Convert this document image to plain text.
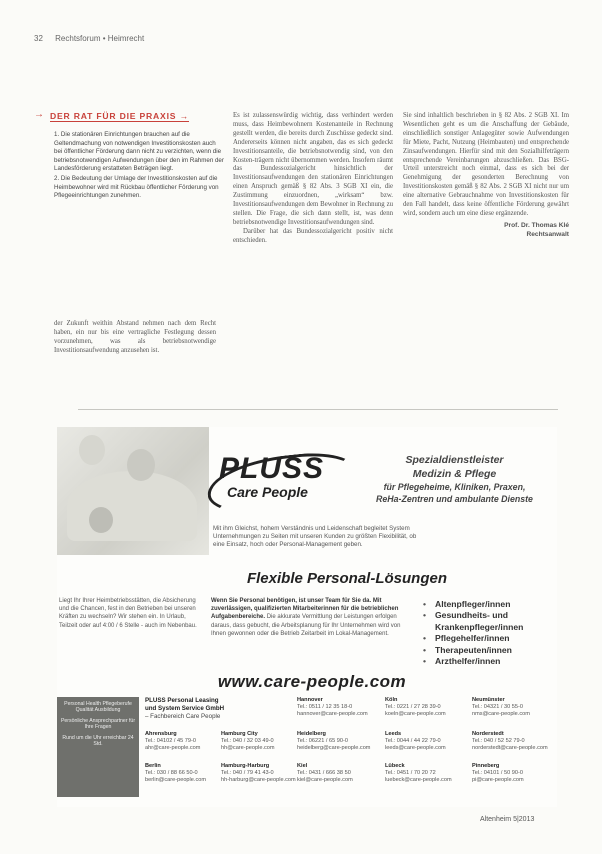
32 Rechtsforum • Heimrecht
→ DER RAT FÜR DIE PRAXIS →
1. Die stationären Einrichtungen brauchen auf die Geltendmachung von notwendigen Investitionskosten auch bei öffentlicher Förderung dann nicht zu verzichten, wenn die betriebsnotwendigen Aufwendungen über den im Rahmen der Landesförderung erstatteten Beträgen liegt.
2. Die Bedeutung der Umlage der Investitionskosten auf die Heimbewohner wird mit Rückbau öffentlicher Förderung von Pflegeeinrichtungen zunehmen.

der Zukunft weithin Abstand nehmen nach dem Recht haben, ein nur bis eine vertragliche Festlegung dessen vorzunehmen, was als betriebsnotwendige Investitionsaufwendung anzusehen ist.

Es ist zulassenswürdig wichtig, dass verhindert werden muss, dass Heimbewohnern Kostenanteile in Rechnung gestellt werden, die bereits durch Zuschüsse gedeckt sind. Andererseits können nicht angaben, das es sich gedeckt Investitionsanteile, die betriebsnotwendig sind, von den Kosten-trägern nicht übernommen werden. Insofern räumt das Bundessozialgericht hinsichtlich der Investitionsaufwendungen den stationären Einrichtungen einen Anspruch gemäß § 82 Abs. 3 SGB XI ein, die Zustimmung einzuordnen, „wirksam“ bzw. Investitionsaufwendungen dem Bewohner in Rechnung zu stellen. Die Frage, die sich dann stellt, ist, was denn betriebsnotwendige Investitionsaufwendungen sind.

Darüber hat das Bundessozialgericht positiv nicht entschieden.

Sie sind inhaltlich beschrieben in § 82 Abs. 2 SGB XI. Im Wesentlichen geht es um die Anschaffung der Gebäude, einschließlich sonstiger Anlagegüter sowie Aufwendungen für Miete, Pacht, Nutzung (Heimbauten) und entsprechende Zinsaufwendungen. Hierfür sind mit den Sozialhilfeträgern entsprechende Vereinbarungen abzuschließen. Das BSG-Urteil unterstreicht noch einmal, dass es sich bei der Genehmigung der gesonderten Berechnung von Investitionskosten gemäß § 82 Abs. 2 SGB XI nicht nur um eine alternative Gebrauchnahme von Investitionskosten für den Fall handelt, dass keine öffentliche Förderung gewährt wird, sondern auch um eine diese ergänzende.

Prof. Dr. Thomas Klé
Rechtsanwalt
PLUSS
Care People
Spezialdienstleister
Medizin & Pflege
für Pflegeheime, Kliniken, Praxen,
ReHa-Zentren und ambulante Dienste
Mit ihm Gleichst, hohem Verständnis und Leidenschaft begleitet System Unternehmungen zu Seiten mit unseren Kunden zu größten Flexibilität, ob eine Einsatz, hoch oder Personal-Management geben.
Flexible Personal-Lösungen
Liegt Ihr Ihrer Heimbetriebsstätten, die Absicherung und die Chancen, fest in den Betrieben bei unseren Kräften zu wechseln? Wir stehen ein. In Urlaub, Teilzeit oder auf 4:00 / 6 Stelle - auch im Nebenbau.
Wenn Sie Personal benötigen, ist unser Team für Sie da. Mit zuverlässigen, qualifizierten Mitarbeiterinnen für die betrieblichen Aufgabenbereiche. Die akkurate Vermittlung der Leistungen erfolgen daraus, dass gebucht, die Arbeitsplanung für Ihr Unternehmen wird von Ihnen gewonnen oder die Betrieb Zeitarbeit im Lokal-Management.
• Altenpfleger/innen
• Gesundheits- und
Krankenpfleger/innen
• Pflegehelfer/innen
• Therapeuten/innen
• Arzthelfer/innen
www.care-people.com
Personal Health Pflegeberufe Qualität Ausbildung
Persönliche Ansprechpartner für Ihre Fragen
Rund um die Uhr erreichbar 24 Std.
PLUSS Personal Leasing
und System Service GmbH
– Fachbereich Care People
Hannover
Tel.: 0511 / 12 35 18-0
hannover@care-people.com
Köln
Tel.: 0221 / 27 28 39-0
koeln@care-people.com
Neumünster
Tel.: 04321 / 30 55-0
nms@care-people.com
Ahrensburg
Tel.: 04102 / 45 79-0
ahr@care-people.com
Hamburg City
Tel.: 040 / 32 03 49-0
hh@care-people.com
Heidelberg
Tel.: 06221 / 65 90-0
heidelberg@care-people.com
Leeds
Tel.: 0044 / 44 22 79-0
leeds@care-people.com
Norderstedt
Tel.: 040 / 52 52 79-0
norderstedt@care-people.com
Berlin
Tel.: 030 / 88 66 50-0
berlin@care-people.com
Hamburg-Harburg
Tel.: 040 / 79 41 43-0
hh-harburg@care-people.com
Kiel
Tel.: 0431 / 666 38 50
kiel@care-people.com
Lübeck
Tel.: 0451 / 70 20 72
luebeck@care-people.com
Pinneberg
Tel.: 04101 / 50 90-0
pi@care-people.com
Altenheim 5|2013
